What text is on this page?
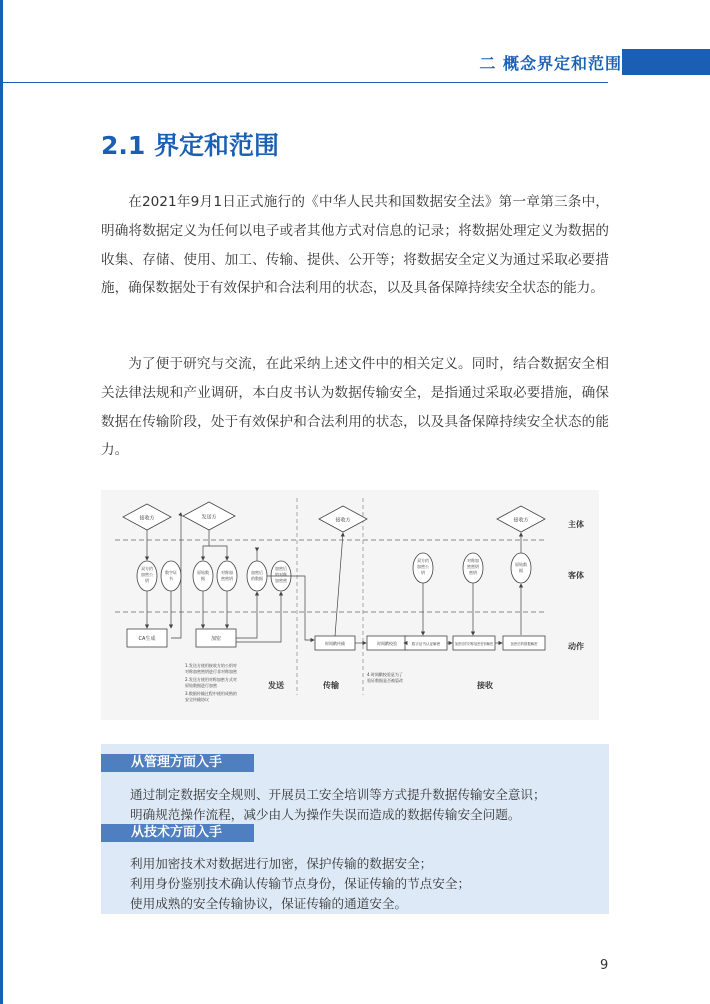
二 概念界定和范围
2.1 界定和范围

在2021年9月1日正式施行的《中华人民共和国数据安全法》第一章第三条中，明确将数据定义为任何以电子或者其他方式对信息的记录；将数据处理定义为数据的收集、存储、使用、加工、传输、提供、公开等；将数据安全定义为通过采取必要措施，确保数据处于有效保护和合法利用的状态，以及具备保障持续安全状态的能力。

为了便于研究与交流，在此采纳上述文件中的相关定义。同时，结合数据安全相关法律法规和产业调研，本白皮书认为数据传输安全，是指通过采取必要措施，确保数据在传输阶段，处于有效保护和合法利用的状态，以及具备保障持续安全状态的能力。

主体
客体
动作
接收方	发送方	接收方	接收方
双方约
加密公
钥
数字证
书
原始数
据
对称加
密密钥
加密后
的数据
加密后
的对称
加密密
双方约
加密公
钥
对称加
密密钥
密钥
原始数
据
CA生成	加密
时间戳传输	时间戳校验	数字证书认证解密	加密后的对称加密密钥解密	加密后的数据解密
1.发送方使用接收方的公钥对
对称加密密钥进行非对称加密
2.发送方使用对称加密方式对
原始数据进行加密
3.数据传输过程中使用成熟的
安全传输协议
4.时间戳校验是为了
验证数据是否被篡改
发送	传输	接收
从管理方面入手
通过制定数据安全规则、开展员工安全培训等方式提升数据传输安全意识；
明确规范操作流程，减少由人为操作失误而造成的数据传输安全问题。
从技术方面入手
利用加密技术对数据进行加密，保护传输的数据安全；
利用身份鉴别技术确认传输节点身份，保证传输的节点安全；
使用成熟的安全传输协议，保证传输的通道安全。
9
